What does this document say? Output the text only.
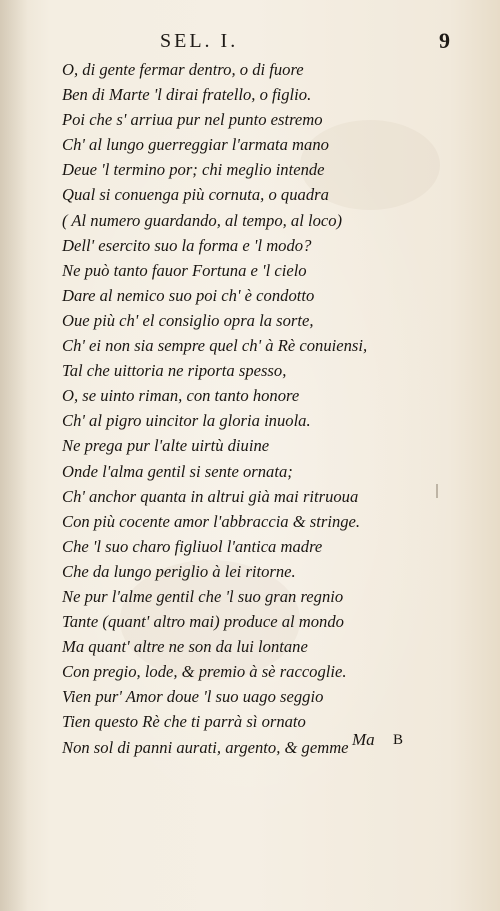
SEL. I.	9
O, di gente fermar dentro, o di fuore
Ben di Marte 'l dirai fratello, o figlio.
Poi che s' arriua pur nel punto estremo
Ch' al lungo guerreggiar l'armata mano
Deue 'l termino por; chi meglio intende
Qual si conuenga più cornuta, o quadra
( Al numero guardando, al tempo, al loco)
Dell' esercito suo la forma e 'l modo?
Ne può tanto fauor Fortuna e 'l cielo
Dare al nemico suo poi ch' è condotto
Oue più ch' el consiglio opra la sorte,
Ch' ei non sia sempre quel ch' à Rè conuiensi,
Tal che uittoria ne riporta spesso,
O, se uinto riman, con tanto honore
Ch' al pigro uincitor la gloria inuola.
Ne prega pur l'alte uirtù diuine
Onde l'alma gentil si sente ornata;
Ch' anchor quanta in altrui già mai ritruoua
Con più cocente amor l'abbraccia & stringe.
Che 'l suo charo figliuol l'antica madre
Che da lungo periglio à lei ritorne.
Ne pur l'alme gentil che 'l suo gran regnio
Tante (quant' altro mai) produce al mondo
Ma quant' altre ne son da lui lontane
Con pregio, lode, & premio à sè raccoglie.
Vien pur' Amor doue 'l suo uago seggio
Tien questo Rè che ti parrà sì ornato
Non sol di panni aurati, argento, & gemme Ma B
